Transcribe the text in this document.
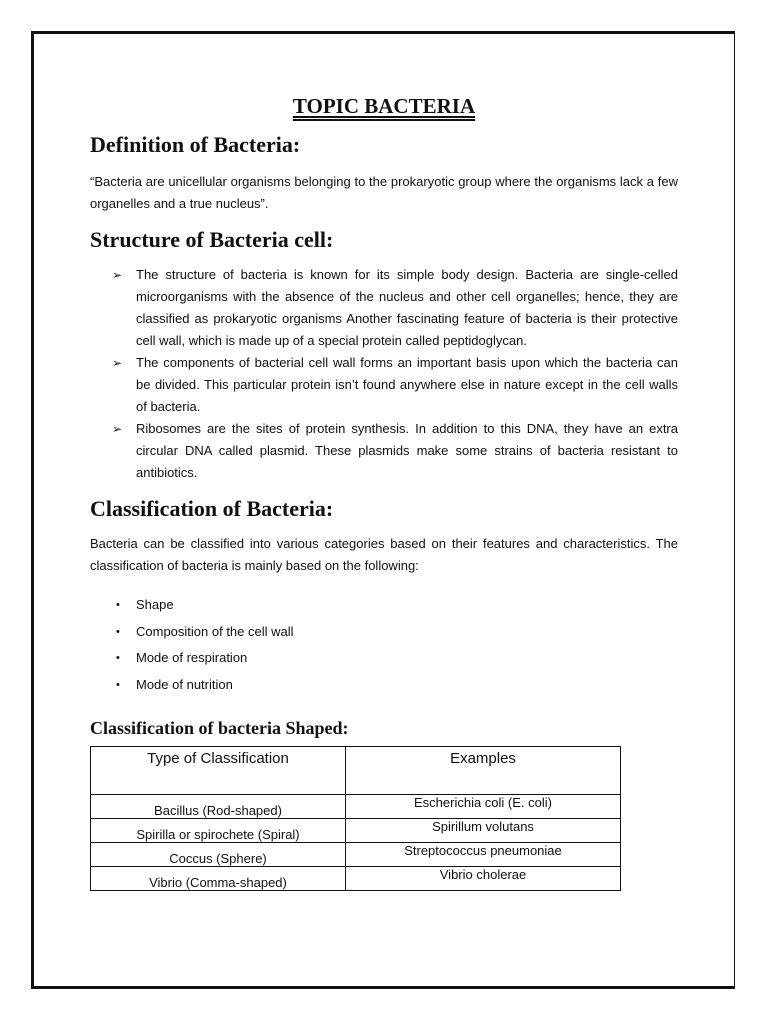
TOPIC BACTERIA
Definition of Bacteria:

“Bacteria are unicellular organisms belonging to the prokaryotic group where the organisms lack a few organelles and a true nucleus”.

Structure of Bacteria cell:
➢ The structure of bacteria is known for its simple body design. Bacteria are single-celled microorganisms with the absence of the nucleus and other cell organelles; hence, they are classified as prokaryotic organisms Another fascinating feature of bacteria is their protective cell wall, which is made up of a special protein called peptidoglycan.
➢ The components of bacterial cell wall forms an important basis upon which the bacteria can be divided. This particular protein isn’t found anywhere else in nature except in the cell walls of bacteria.
➢ Ribosomes are the sites of protein synthesis. In addition to this DNA, they have an extra circular DNA called plasmid. These plasmids make some strains of bacteria resistant to antibiotics.
Classification of Bacteria:

Bacteria can be classified into various categories based on their features and characteristics. The classification of bacteria is mainly based on the following:

• Shape
• Composition of the cell wall
• Mode of respiration
• Mode of nutrition
Classification of bacteria Shaped:
Type of Classification	Examples
Bacillus (Rod-shaped)	Escherichia coli (E. coli)
Spirilla or spirochete (Spiral)	Spirillum volutans
Coccus (Sphere)	Streptococcus pneumoniae
Vibrio (Comma-shaped)	Vibrio cholerae
